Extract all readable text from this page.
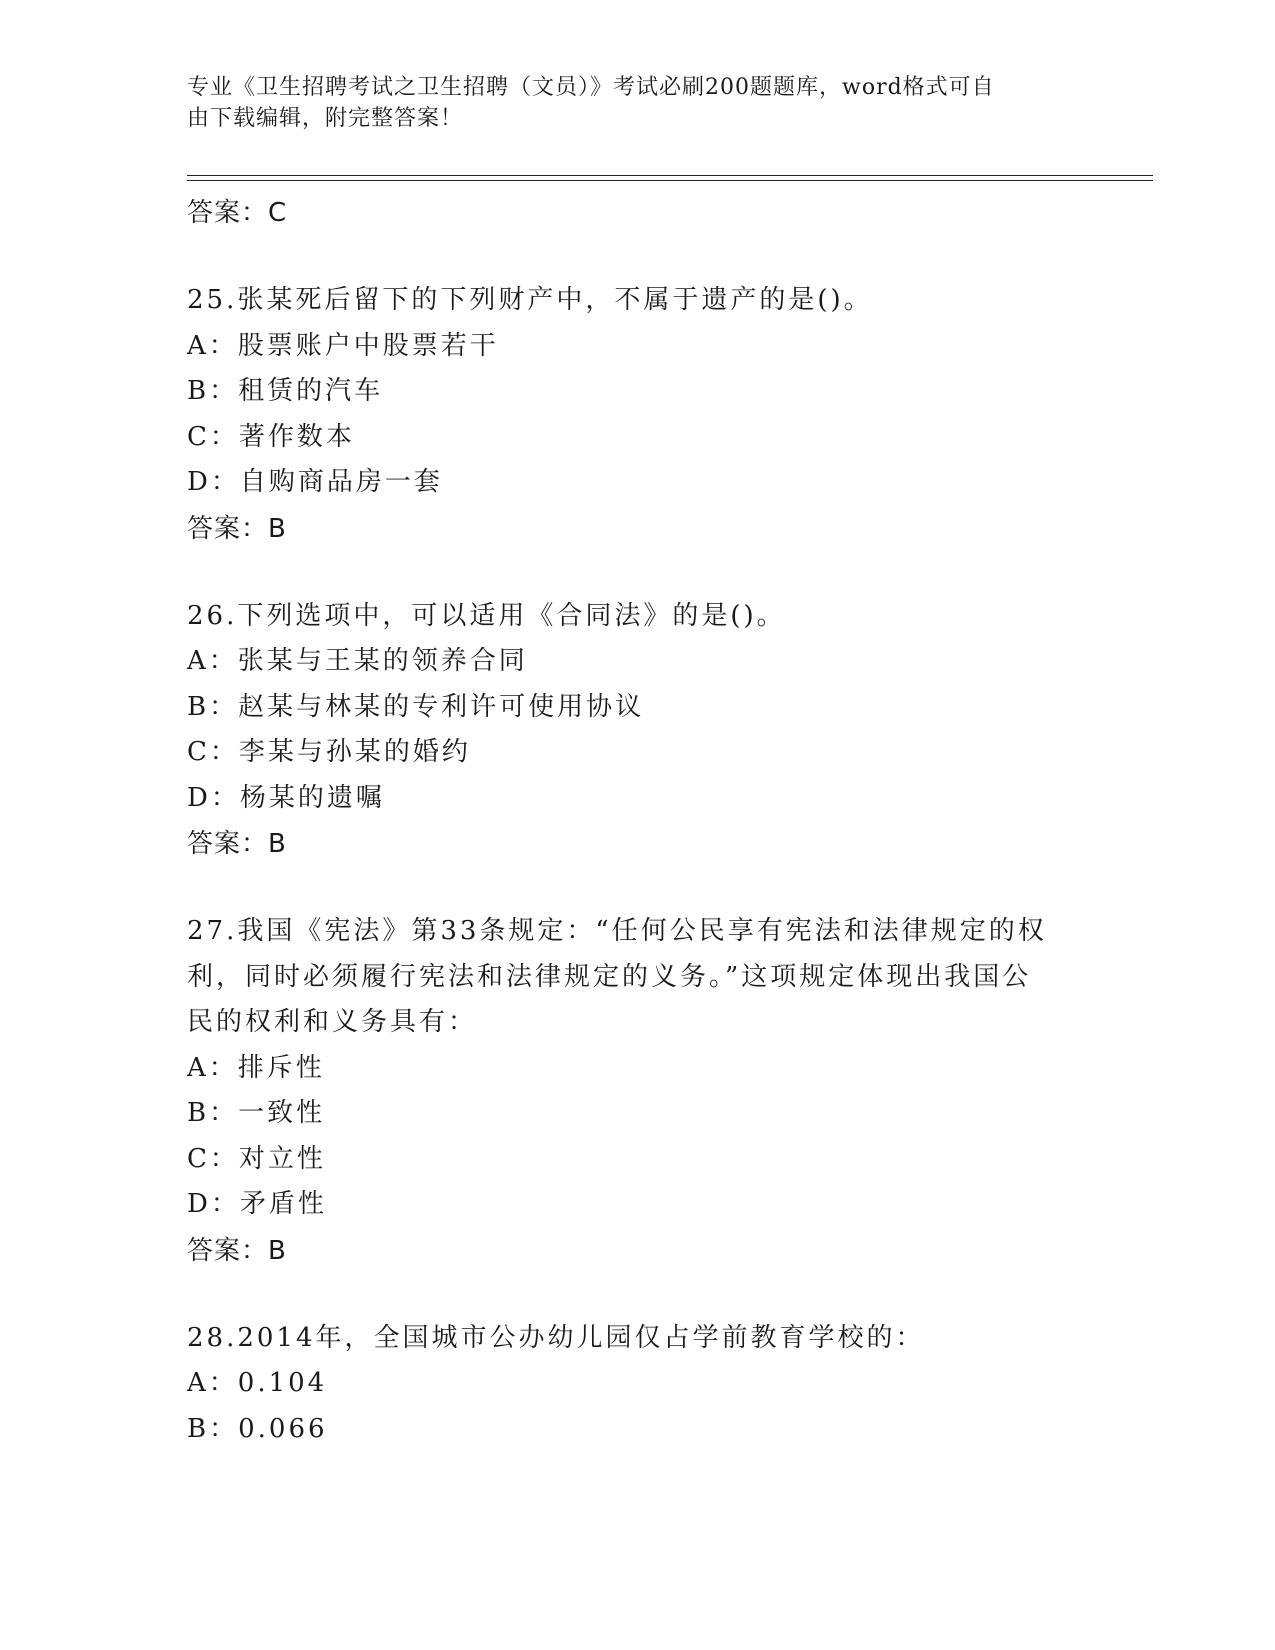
专业《卫生招聘考试之卫生招聘（文员）》考试必刷200题题库，word格式可自
由下载编辑，附完整答案！
答案：C
25.张某死后留下的下列财产中，不属于遗产的是()。
A：股票账户中股票若干
B：租赁的汽车
C：著作数本
D：自购商品房一套
答案：B
26.下列选项中，可以适用《合同法》的是()。
A：张某与王某的领养合同
B：赵某与林某的专利许可使用协议
C：李某与孙某的婚约
D：杨某的遗嘱
答案：B
27.我国《宪法》第33条规定：“任何公民享有宪法和法律规定的权
利，同时必须履行宪法和法律规定的义务。”这项规定体现出我国公
民的权利和义务具有：
A：排斥性
B：一致性
C：对立性
D：矛盾性
答案：B
28.2014年，全国城市公办幼儿园仅占学前教育学校的：
A：0.104
B：0.066
